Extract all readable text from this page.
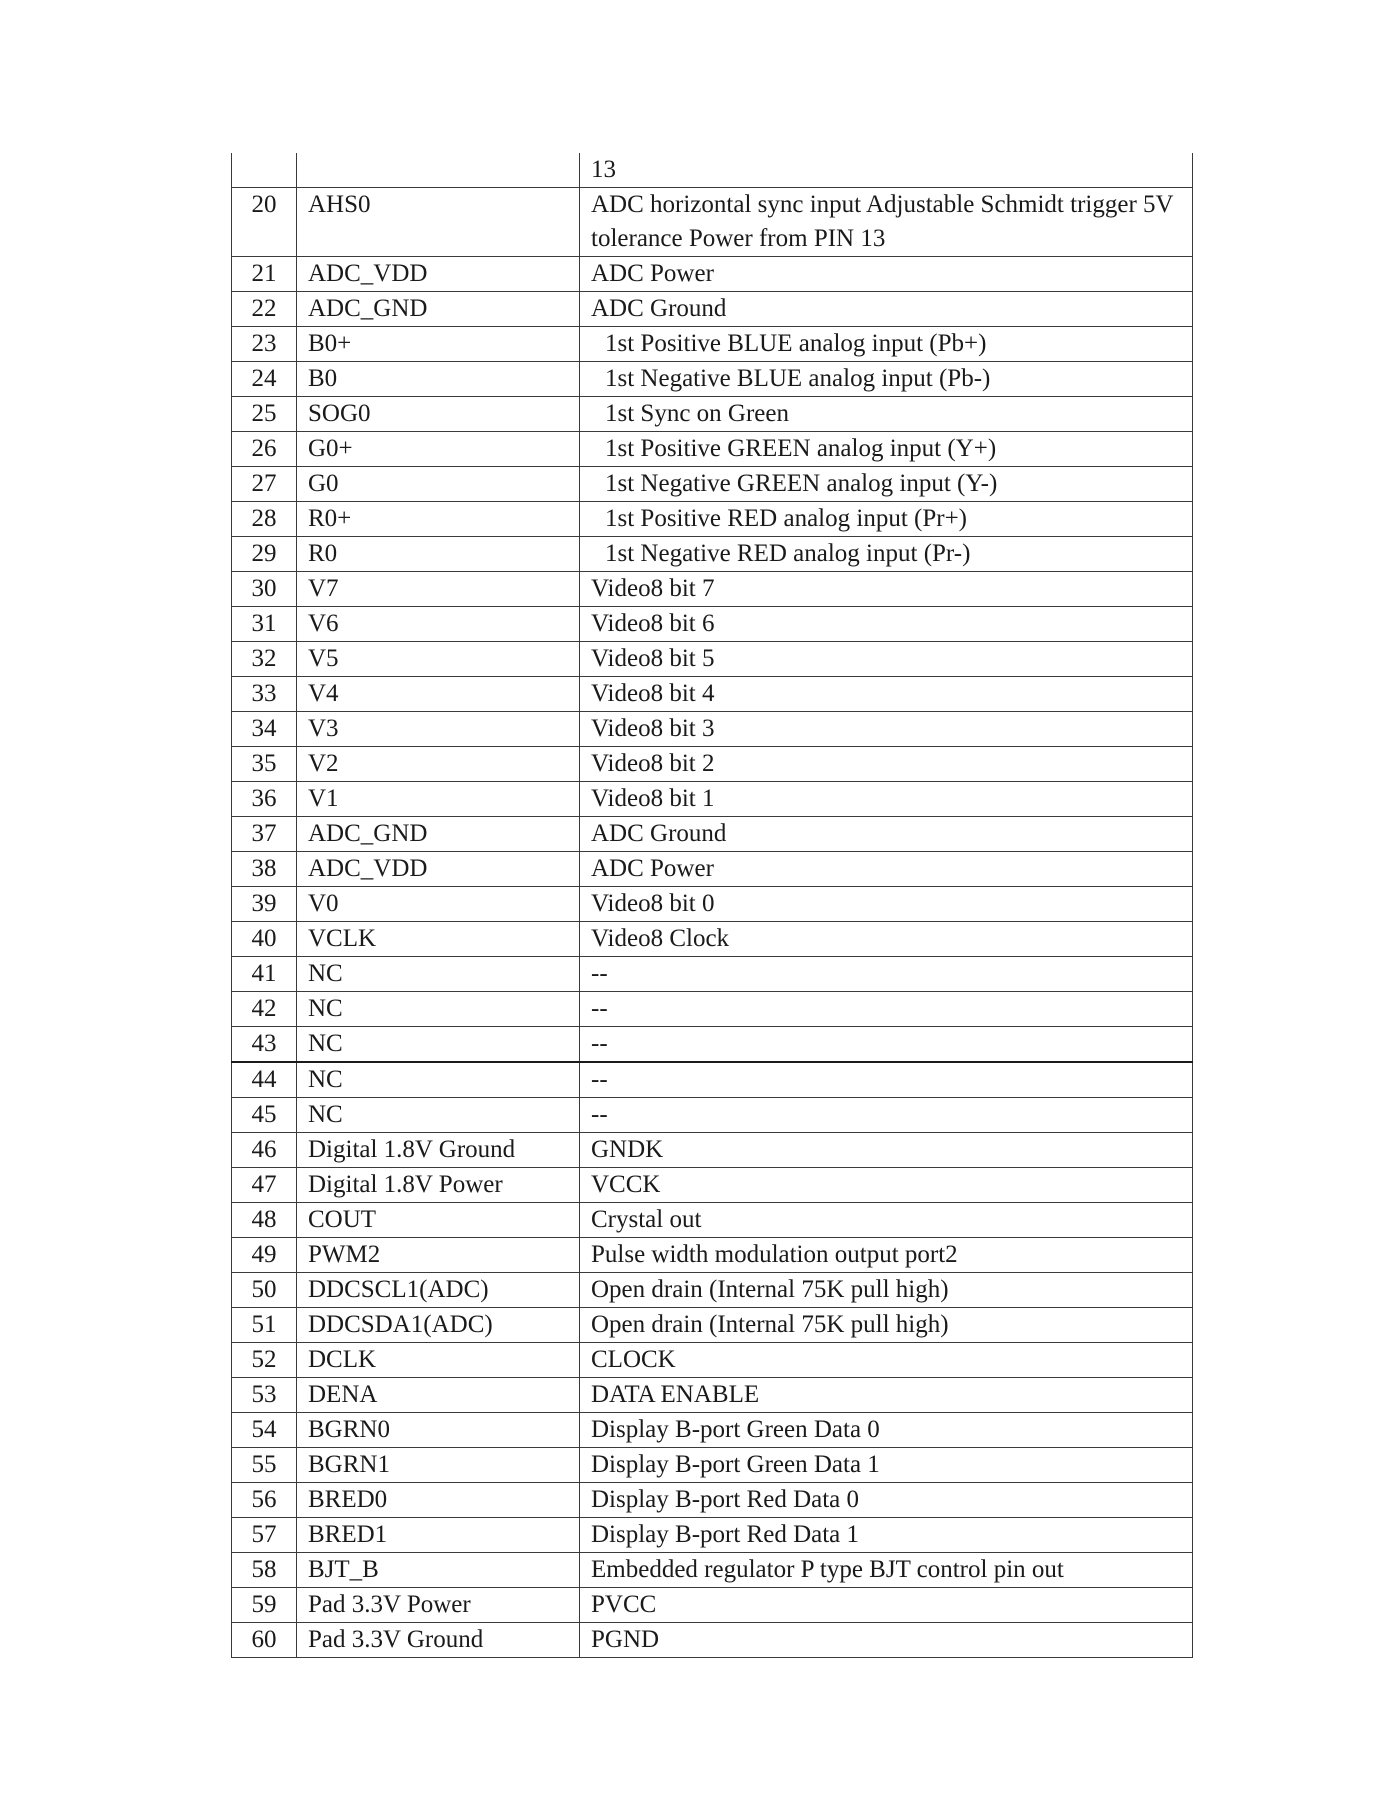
		13
20	AHS0	ADC horizontal sync input Adjustable Schmidt trigger 5V tolerance Power from PIN 13
21	ADC_VDD	ADC Power
22	ADC_GND	ADC Ground
23	B0+	1st Positive BLUE analog input (Pb+)
24	B0	1st Negative BLUE analog input (Pb-)
25	SOG0	1st Sync on Green
26	G0+	1st Positive GREEN analog input (Y+)
27	G0	1st Negative GREEN analog input (Y-)
28	R0+	1st Positive RED analog input (Pr+)
29	R0	1st Negative RED analog input (Pr-)
30	V7	Video8 bit 7
31	V6	Video8 bit 6
32	V5	Video8 bit 5
33	V4	Video8 bit 4
34	V3	Video8 bit 3
35	V2	Video8 bit 2
36	V1	Video8 bit 1
37	ADC_GND	ADC Ground
38	ADC_VDD	ADC Power
39	V0	Video8 bit 0
40	VCLK	Video8 Clock
41	NC	--
42	NC	--
43	NC	--
44	NC	--
45	NC	--
46	Digital 1.8V Ground	GNDK
47	Digital 1.8V Power	VCCK
48	COUT	Crystal out
49	PWM2	Pulse width modulation output port2
50	DDCSCL1(ADC)	Open drain (Internal 75K pull high)
51	DDCSDA1(ADC)	Open drain (Internal 75K pull high)
52	DCLK	CLOCK
53	DENA	DATA ENABLE
54	BGRN0	Display B-port Green Data 0
55	BGRN1	Display B-port Green Data 1
56	BRED0	Display B-port Red Data 0
57	BRED1	Display B-port Red Data 1
58	BJT_B	Embedded regulator P type BJT control pin out
59	Pad 3.3V Power	PVCC
60	Pad 3.3V Ground	PGND
